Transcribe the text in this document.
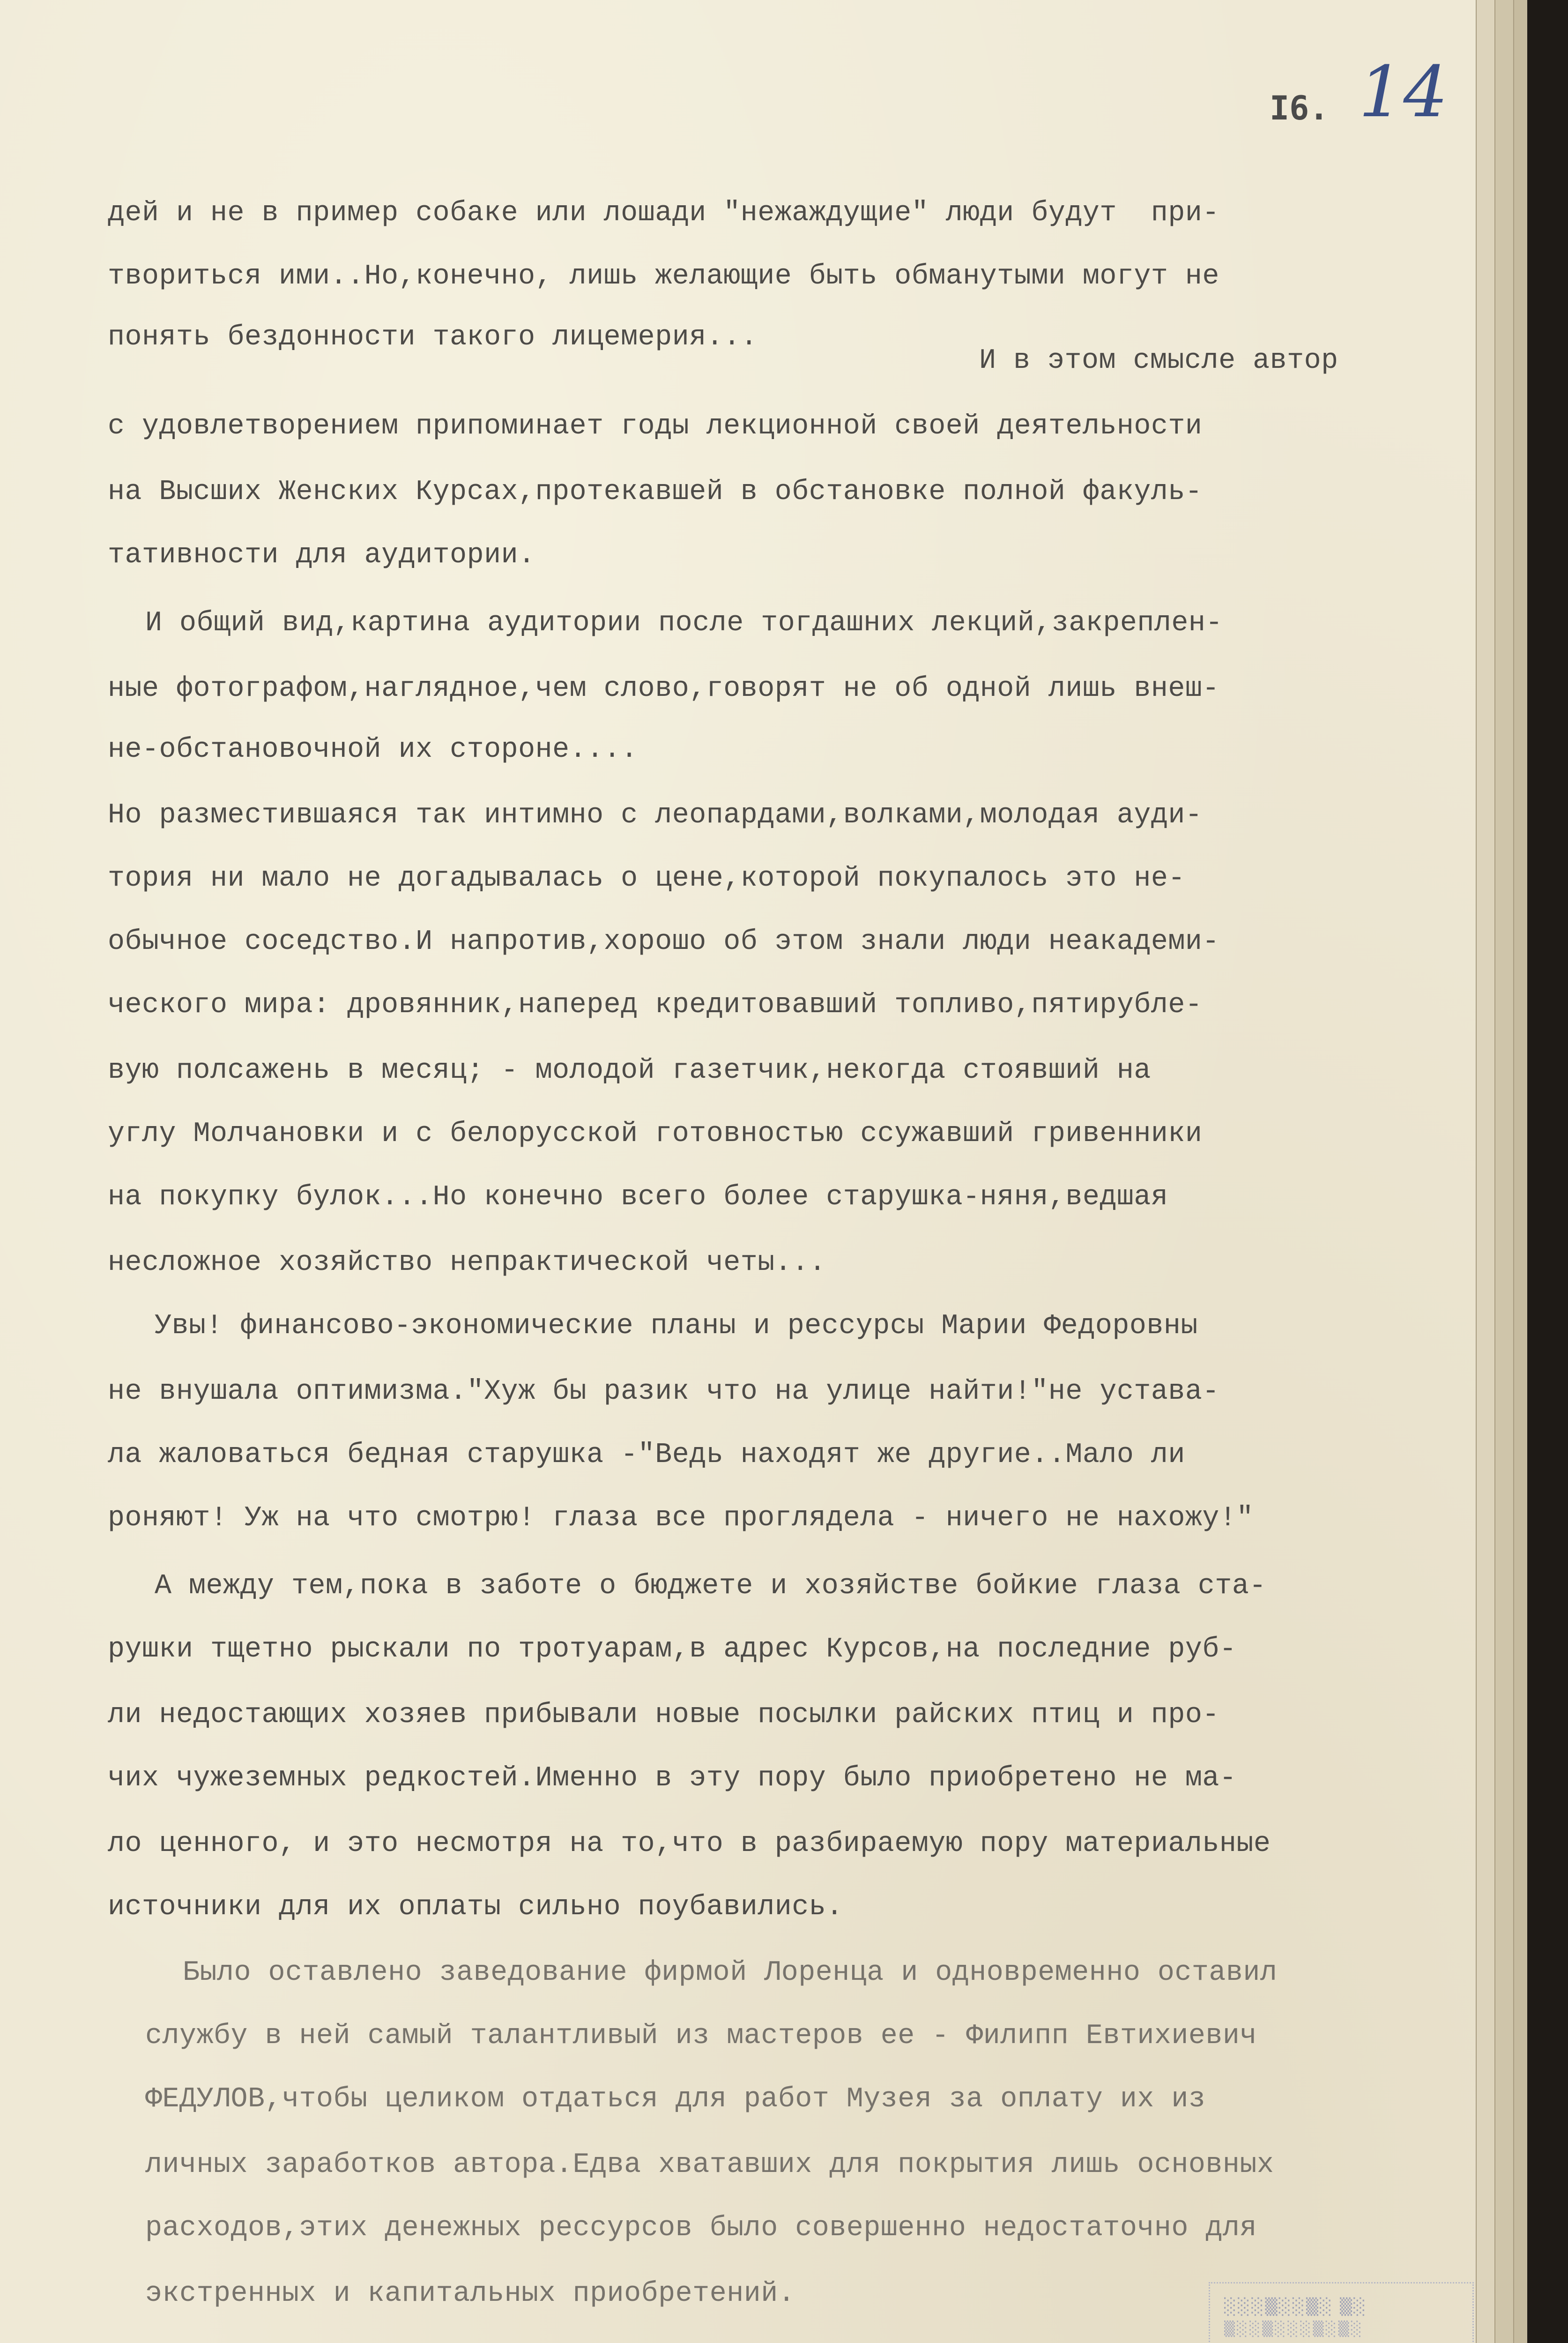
I6. 14
дей и не в пример собаке или лошади "нежаждущие" люди будут  при-
твориться ими..Но,конечно, лишь желающие быть обманутыми могут не
понять бездонности такого лицемерия...
И в этом смысле автор
с удовлетворением припоминает годы лекционной своей деятельности
на Высших Женских Курсах,протекавшей в обстановке полной факуль-
тативности для аудитории.
И общий вид,картина аудитории после тогдашних лекций,закреплен-
ные фотографом,наглядное,чем слово,говорят не об одной лишь внеш-
не-обстановочной их стороне....
Но разместившаяся так интимно с леопардами,волками,молодая ауди-
тория ни мало не догадывалась о цене,которой покупалось это не-
обычное соседство.И напротив,хорошо об этом знали люди неакадеми-
ческого мира: дровянник,наперед кредитовавший топливо,пятирубле-
вую полсажень в месяц; - молодой газетчик,некогда стоявший на
углу Молчановки и с белорусской готовностью ссужавший гривенники
на покупку булок...Но конечно всего более старушка-няня,ведшая
несложное хозяйство непрактической четы...
Увы! финансово-экономические планы и рессурсы Марии Федоровны
не внушала оптимизма."Хуж бы разик что на улице найти!"не устава-
ла жаловаться бедная старушка -"Ведь находят же другие..Мало ли
роняют! Уж на что смотрю! глаза все проглядела - ничего не нахожу!"
А между тем,пока в заботе о бюджете и хозяйстве бойкие глаза ста-
рушки тщетно рыскали по тротуарам,в адрес Курсов,на последние руб-
ли недостающих хозяев прибывали новые посылки райских птиц и про-
чих чужеземных редкостей.Именно в эту пору было приобретено не ма-
ло ценного, и это несмотря на то,что в разбираемую пору материальные
источники для их оплаты сильно поубавились.
Было оставлено заведование фирмой Лоренца и одновременно оставил
службу в ней самый талантливый из мастеров ее - Филипп Евтихиевич
ФЕДУЛОВ,чтобы целиком отдаться для работ Музея за оплату их из
личных заработков автора.Едва хватавших для покрытия лишь основных
расходов,этих денежных рессурсов было совершенно недостаточно для
экстренных и капитальных приобретений.	░░░▒░░▒░ ▒░
▒░░▒░░░▒░▒░
